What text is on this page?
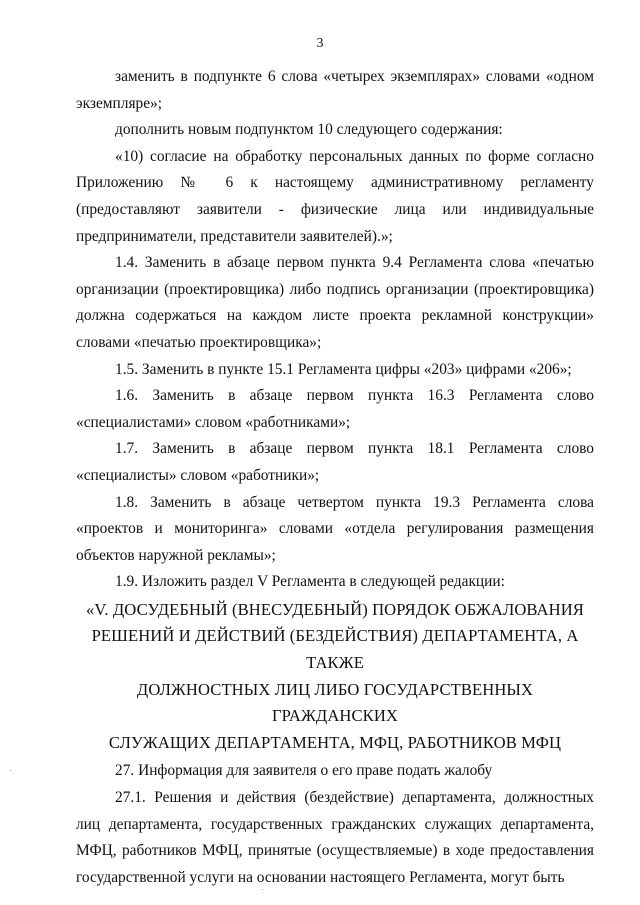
3

заменить в подпункте 6 слова «четырех экземплярах» словами «одном экземпляре»;

дополнить новым подпунктом 10 следующего содержания:

«10) согласие на обработку персональных данных по форме согласно Приложению № 6 к настоящему административному регламенту (предоставляют заявители - физические лица или индивидуальные предприниматели, представители заявителей).»;

1.4. Заменить в абзаце первом пункта 9.4 Регламента слова «печатью организации (проектировщика) либо подпись организации (проектировщика) должна содержаться на каждом листе проекта рекламной конструкции» словами «печатью проектировщика»;

1.5. Заменить в пункте 15.1 Регламента цифры «203» цифрами «206»;

1.6. Заменить в абзаце первом пункта 16.3 Регламента слово «специалистами» словом «работниками»;

1.7. Заменить в абзаце первом пункта 18.1 Регламента слово «специалисты» словом «работники»;

1.8. Заменить в абзаце четвертом пункта 19.3 Регламента слова «проектов и мониторинга» словами «отдела регулирования размещения объектов наружной рекламы»;

1.9. Изложить раздел V Регламента в следующей редакции:

«V. ДОСУДЕБНЫЙ (ВНЕСУДЕБНЫЙ) ПОРЯДОК ОБЖАЛОВАНИЯ
РЕШЕНИЙ И ДЕЙСТВИЙ (БЕЗДЕЙСТВИЯ) ДЕПАРТАМЕНТА, А ТАКЖЕ
ДОЛЖНОСТНЫХ ЛИЦ ЛИБО ГОСУДАРСТВЕННЫХ ГРАЖДАНСКИХ
СЛУЖАЩИХ ДЕПАРТАМЕНТА, МФЦ, РАБОТНИКОВ МФЦ

27. Информация для заявителя о его праве подать жалобу

27.1. Решения и действия (бездействие) департамента, должностных лиц департамента, государственных гражданских служащих департамента, МФЦ, работников МФЦ, принятые (осуществляемые) в ходе предоставления государственной услуги на основании настоящего Регламента, могут быть
